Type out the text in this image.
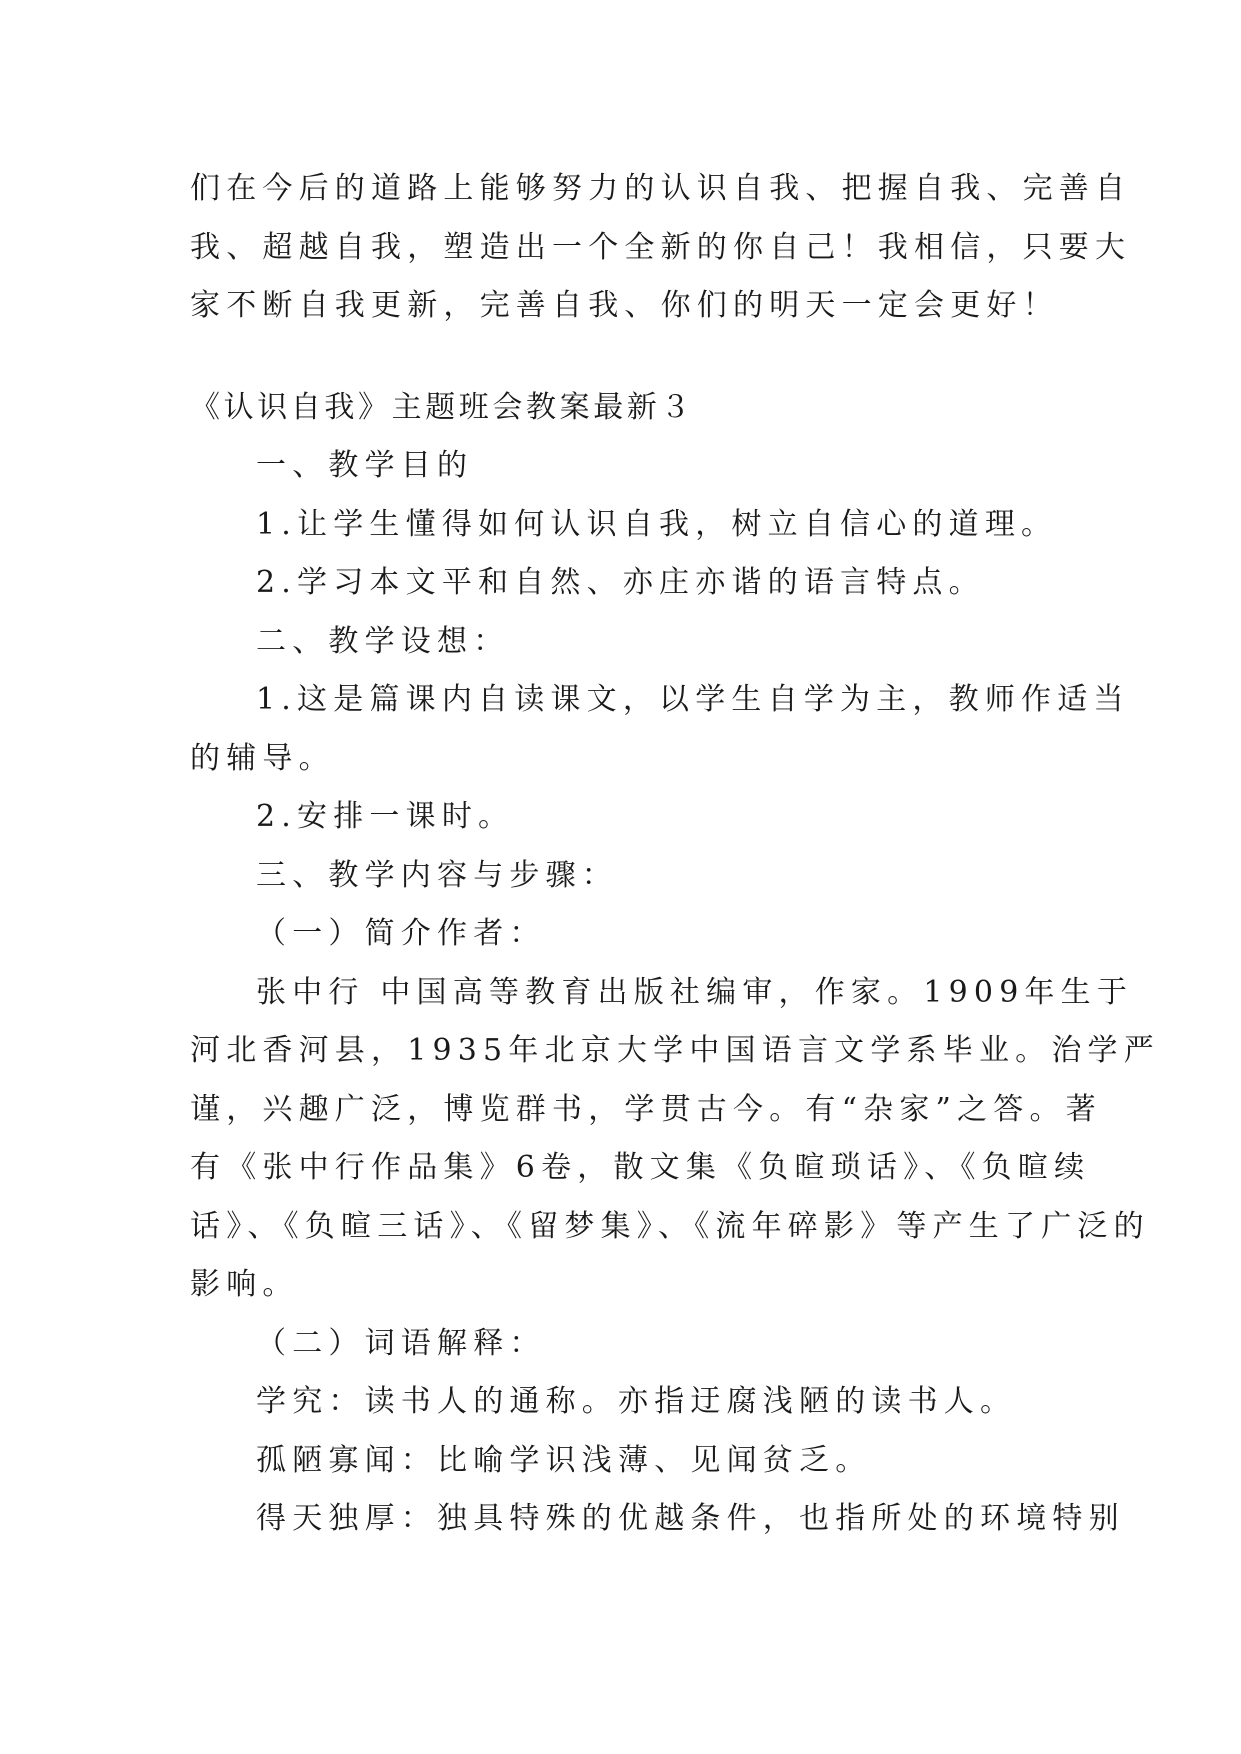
们在今后的道路上能够努力的认识自我、把握自我、完善自
我、超越自我，塑造出一个全新的你自己！我相信，只要大
家不断自我更新，完善自我、你们的明天一定会更好！
《认识自我》主题班会教案最新３
一、教学目的
1.让学生懂得如何认识自我，树立自信心的道理。
2.学习本文平和自然、亦庄亦谐的语言特点。
二、教学设想：
1.这是篇课内自读课文，以学生自学为主，教师作适当
的辅导。
2.安排一课时。
三、教学内容与步骤：
（一）简介作者：
张中行 中国高等教育出版社编审，作家。1909年生于
河北香河县，1935年北京大学中国语言文学系毕业。治学严
谨，兴趣广泛，博览群书，学贯古今。有“杂家”之答。著
有《张中行作品集》6卷，散文集《负暄琐话》、《负暄续
话》、《负暄三话》、《留梦集》、《流年碎影》等产生了广泛的
影响。
（二）词语解释：
学究：读书人的通称。亦指迂腐浅陋的读书人。
孤陋寡闻：比喻学识浅薄、见闻贫乏。
得天独厚：独具特殊的优越条件，也指所处的环境特别
